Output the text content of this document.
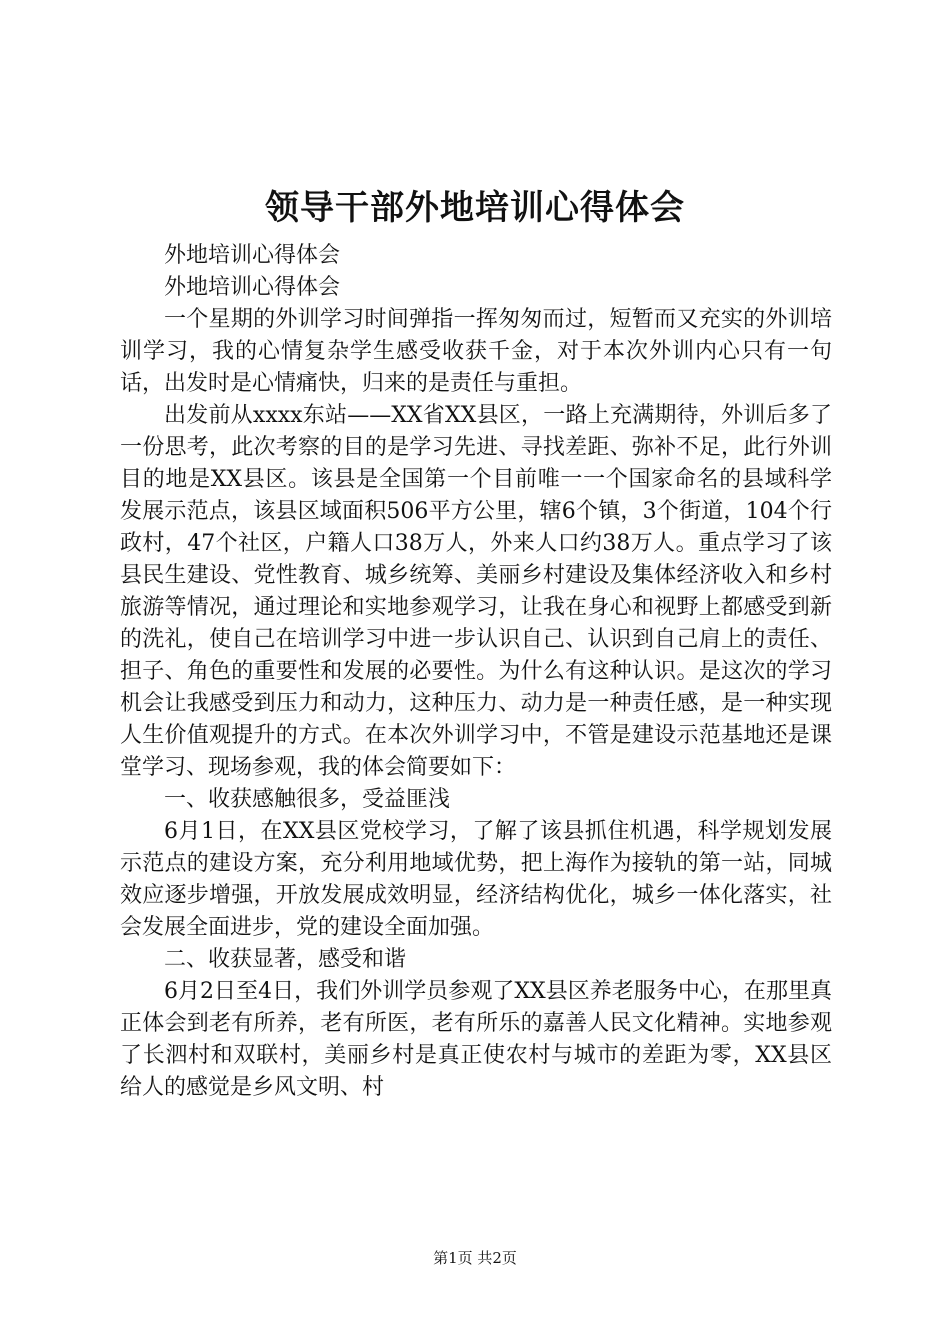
领导干部外地培训心得体会

外地培训心得体会

外地培训心得体会

一个星期的外训学习时间弹指一挥匆匆而过，短暂而又充实的外训培训学习，我的心情复杂学生感受收获千金，对于本次外训内心只有一句话，出发时是心情痛快，归来的是责任与重担。

出发前从xxxx东站——XX省XX县区，一路上充满期待，外训后多了一份思考，此次考察的目的是学习先进、寻找差距、弥补不足，此行外训目的地是XX县区。该县是全国第一个目前唯一一个国家命名的县域科学发展示范点，该县区域面积506平方公里，辖6个镇，3个街道，104个行政村，47个社区，户籍人口38万人，外来人口约38万人。重点学习了该县民生建设、党性教育、城乡统筹、美丽乡村建设及集体经济收入和乡村旅游等情况，通过理论和实地参观学习，让我在身心和视野上都感受到新的洗礼，使自己在培训学习中进一步认识自己、认识到自己肩上的责任、担子、角色的重要性和发展的必要性。为什么有这种认识。是这次的学习机会让我感受到压力和动力，这种压力、动力是一种责任感，是一种实现人生价值观提升的方式。在本次外训学习中，不管是建设示范基地还是课堂学习、现场参观，我的体会简要如下：

一、收获感触很多，受益匪浅

6月1日，在XX县区党校学习，了解了该县抓住机遇，科学规划发展示范点的建设方案，充分利用地域优势，把上海作为接轨的第一站，同城效应逐步增强，开放发展成效明显，经济结构优化，城乡一体化落实，社会发展全面进步，党的建设全面加强。

二、收获显著，感受和谐

6月2日至4日，我们外训学员参观了XX县区养老服务中心，在那里真正体会到老有所养，老有所医，老有所乐的嘉善人民文化精神。实地参观了长泗村和双联村，美丽乡村是真正使农村与城市的差距为零，XX县区给人的感觉是乡风文明、村

第1页 共2页
